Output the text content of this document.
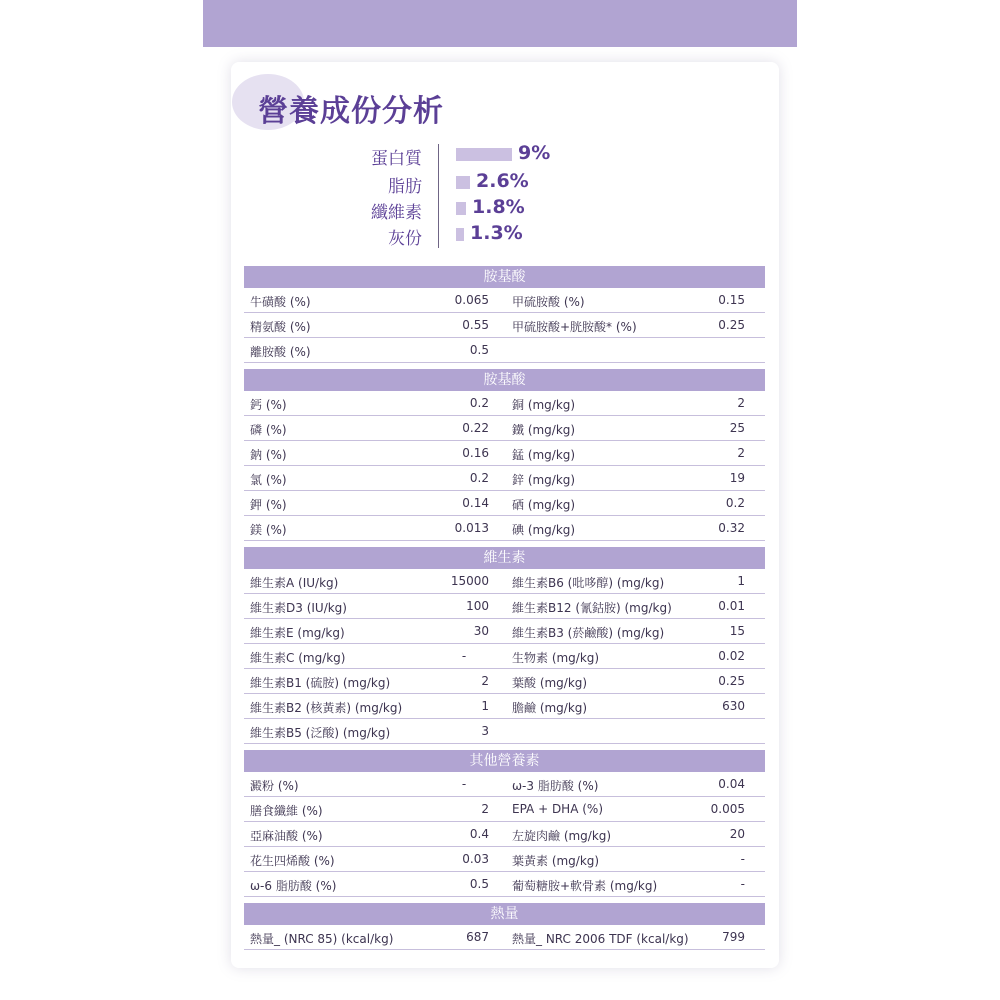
營養成份分析
蛋白質	9%
脂肪	2.6%
纖維素	1.8%
灰份	1.3%
胺基酸
牛磺酸 (%)	0.065 甲硫胺酸 (%)	0.15
精氨酸 (%)	0.55 甲硫胺酸+胱胺酸* (%)	0.25
離胺酸 (%)	0.5
胺基酸
鈣 (%)	0.2 銅 (mg/kg)	2
磷 (%)	0.22 鐵 (mg/kg)	25
鈉 (%)	0.16 錳 (mg/kg)	2
氯 (%)	0.2 鋅 (mg/kg)	19
鉀 (%)	0.14 硒 (mg/kg)	0.2
鎂 (%)	0.013 碘 (mg/kg)	0.32
維生素
維生素A (IU/kg)	15000 維生素B6 (吡哆醇) (mg/kg)	1
維生素D3 (IU/kg)	100 維生素B12 (氰鈷胺) (mg/kg)	0.01
維生素E (mg/kg)	30 維生素B3 (菸鹼酸) (mg/kg)	15
維生素C (mg/kg)	-	生物素 (mg/kg)	0.02
維生素B1 (硫胺) (mg/kg)	2 葉酸 (mg/kg)	0.25
維生素B2 (核黃素) (mg/kg)	1 膽鹼 (mg/kg)	630
維生素B5 (泛酸) (mg/kg)	3
其他營養素
澱粉 (%)	-	ω-3 脂肪酸 (%)	0.04
膳食纖維 (%)	2 EPA + DHA (%)	0.005
亞麻油酸 (%)	0.4 左旋肉鹼 (mg/kg)	20
花生四烯酸 (%)	0.03 葉黃素 (mg/kg)	-
ω-6 脂肪酸 (%)	0.5 葡萄糖胺+軟骨素 (mg/kg)	-
熱量
熱量_ (NRC 85) (kcal/kg)	687 熱量_ NRC 2006 TDF (kcal/kg)	799
